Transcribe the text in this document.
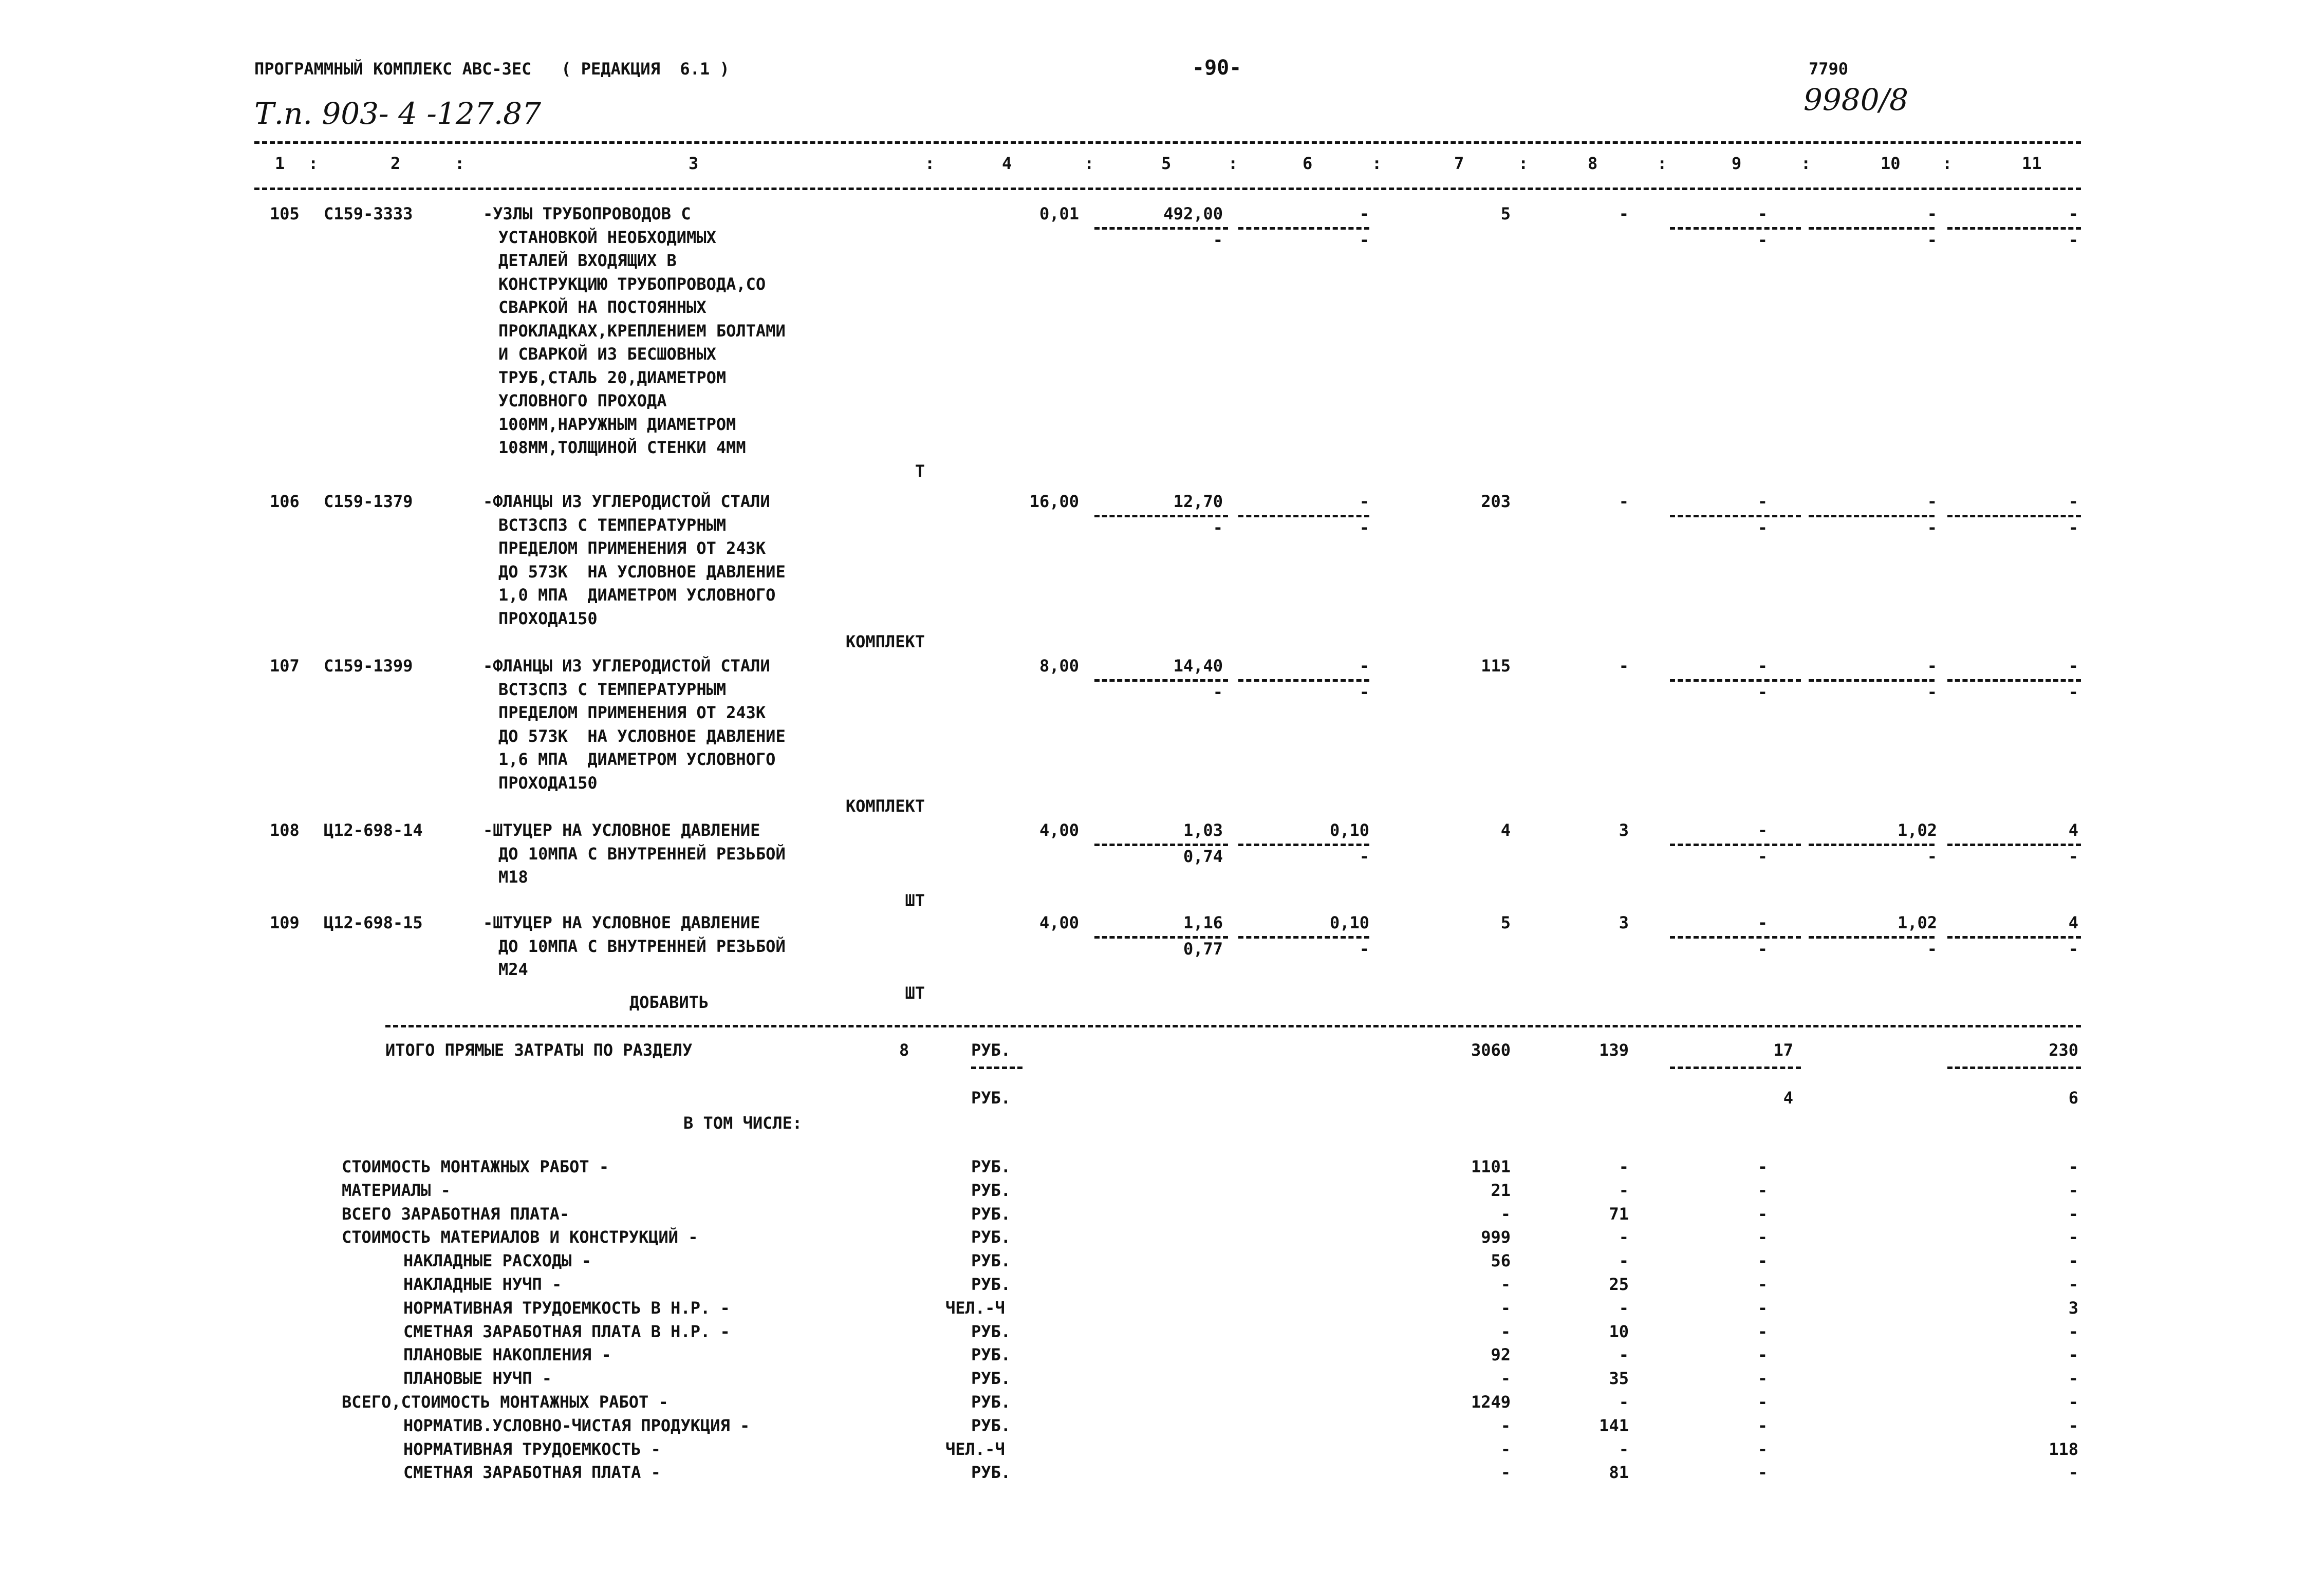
ПРОГРАММНЫЙ КОМПЛЕКС АВС-ЗЕС   ( РЕДАКЦИЯ  6.1 )	-90-	7790
Т.п. 903- 4 -127.87	9980/8
1 :	2	:	3	:	4	:	5	:	6	:	7	:	8	:	9	:	10	:	11
105 С159-3333	-УЗЛЫ ТРУБОПРОВОДОВ С
УСТАНОВКОЙ НЕОБХОДИМЫХ
ДЕТАЛЕЙ ВХОДЯЩИХ В
КОНСТРУКЦИЮ ТРУБОПРОВОДА,СО
СВАРКОЙ НА ПОСТОЯННЫХ
ПРОКЛАДКАХ,КРЕПЛЕНИЕМ БОЛТАМИ
И СВАРКОЙ ИЗ БЕСШОВНЫХ
ТРУБ,СТАЛЬ 20,ДИАМЕТРОМ
УСЛОВНОГО ПРОХОДА
100ММ,НАРУЖНЫМ ДИАМЕТРОМ
108ММ,ТОЛЩИНОЙ СТЕНКИ 4ММ
Т
0,01	492,00	-	5	-	-	-	-
-	-	-	-	-
106 С159-1379	-ФЛАНЦЫ ИЗ УГЛЕРОДИСТОЙ СТАЛИ
ВСТЗСП3 С ТЕМПЕРАТУРНЫМ
ПРЕДЕЛОМ ПРИМЕНЕНИЯ ОТ 243К
ДО 573К  НА УСЛОВНОЕ ДАВЛЕНИЕ
1,0 МПА  ДИАМЕТРОМ УСЛОВНОГО
ПРОХОДА150
КОМПЛЕКТ
16,00	12,70	-	203	-	-	-	-
-	-	-	-	-
107 С159-1399	-ФЛАНЦЫ ИЗ УГЛЕРОДИСТОЙ СТАЛИ
ВСТЗСП3 С ТЕМПЕРАТУРНЫМ
ПРЕДЕЛОМ ПРИМЕНЕНИЯ ОТ 243К
ДО 573К  НА УСЛОВНОЕ ДАВЛЕНИЕ
1,6 МПА  ДИАМЕТРОМ УСЛОВНОГО
ПРОХОДА150
КОМПЛЕКТ
8,00	14,40	-	115	-	-	-	-
-	-	-	-	-
108 Ц12-698-14	-ШТУЦЕР НА УСЛОВНОЕ ДАВЛЕНИЕ
ДО 10МПА С ВНУТРЕННЕЙ РЕЗЬБОЙ
М18
ШТ
4,00	1,03	0,10	4	3	-	1,02	4
0,74	-	-	-	-
109 Ц12-698-15	-ШТУЦЕР НА УСЛОВНОЕ ДАВЛЕНИЕ
ДО 10МПА С ВНУТРЕННЕЙ РЕЗЬБОЙ
М24
ШТ
4,00	1,16	0,10	5	3	-	1,02	4
0,77	-	-	-	-
ДОБАВИТЬ
ИТОГО ПРЯМЫЕ ЗАТРАТЫ ПО РАЗДЕЛУ	8	РУБ.	3060	139	17	230
РУБ.	4	6
В ТОМ ЧИСЛЕ:
СТОИМОСТЬ МОНТАЖНЫХ РАБОТ -	РУБ.	1101	-	-	-
МАТЕРИАЛЫ -	РУБ.	21	-	-	-
ВСЕГО ЗАРАБОТНАЯ ПЛАТА-	РУБ.	-	71	-	-
СТОИМОСТЬ МАТЕРИАЛОВ И КОНСТРУКЦИЙ -	РУБ.	999	-	-	-
НАКЛАДНЫЕ РАСХОДЫ -	РУБ.	56	-	-	-
НАКЛАДНЫЕ НУЧП -	РУБ.	-	25	-	-
НОРМАТИВНАЯ ТРУДОЕМКОСТЬ В Н.Р. -	ЧЕЛ.-Ч	-	-	-	3
СМЕТНАЯ ЗАРАБОТНАЯ ПЛАТА В Н.Р. -	РУБ.	-	10	-	-
ПЛАНОВЫЕ НАКОПЛЕНИЯ -	РУБ.	92	-	-	-
ПЛАНОВЫЕ НУЧП -	РУБ.	-	35	-	-
ВСЕГО,СТОИМОСТЬ МОНТАЖНЫХ РАБОТ -	РУБ.	1249	-	-	-
НОРМАТИВ.УСЛОВНО-ЧИСТАЯ ПРОДУКЦИЯ -	РУБ.	-	141	-	-
НОРМАТИВНАЯ ТРУДОЕМКОСТЬ -	ЧЕЛ.-Ч	-	-	-	118
СМЕТНАЯ ЗАРАБОТНАЯ ПЛАТА -	РУБ.	-	81	-	-
